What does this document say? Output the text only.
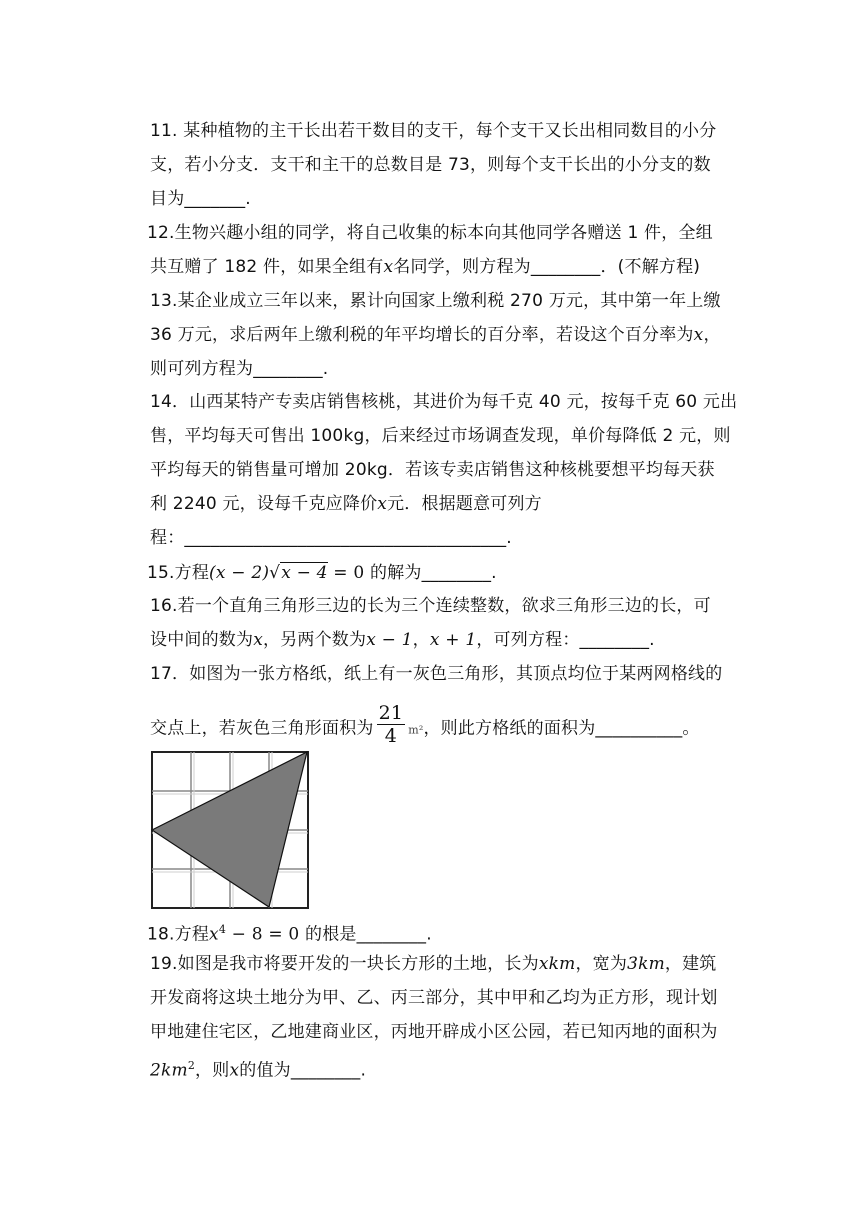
11. 某种植物的主干长出若干数目的支干，每个支干又长出相同数目的小分
支，若小分支．支干和主干的总数目是 73，则每个支干长出的小分支的数
目为_______.
12.生物兴趣小组的同学，将自己收集的标本向其他同学各赠送 1 件，全组
共互赠了 182 件，如果全组有x名同学，则方程为________．(不解方程)
13.某企业成立三年以来，累计向国家上缴利税 270 万元，其中第一年上缴
36 万元，求后两年上缴利税的年平均增长的百分率，若设这个百分率为x，
则可列方程为________.
14．山西某特产专卖店销售核桃，其进价为每千克 40 元，按每千克 60 元出
售，平均每天可售出 100kg，后来经过市场调查发现，单价每降低 2 元，则
平均每天的销售量可增加 20kg．若该专卖店销售这种核桃要想平均每天获
利 2240 元，设每千克应降价x元．根据题意可列方
程：_____________________________________.
15.方程(x − 2)√x − 4 = 0 的解为________.
16.若一个直角三角形三边的长为三个连续整数，欲求三角形三边的长，可
设中间的数为x，另两个数为x − 1，x + 1，可列方程：________.
17．如图为一张方格纸，纸上有一灰色三角形，其顶点均位于某两网格线的
交点上，若灰色三角形面积为 $\frac{21}{4} m^2$，则此方格纸的面积为__________。
18.方程$x^4 - 8 = 0$ 的根是________.
19.如图是我市将要开发的一块长方形的土地，长为xkm，宽为3km，建筑
开发商将这块土地分为甲、乙、丙三部分，其中甲和乙均为正方形，现计划
甲地建住宅区，乙地建商业区，丙地开辟成小区公园，若已知丙地的面积为
$2km^2$，则x的值为________.
